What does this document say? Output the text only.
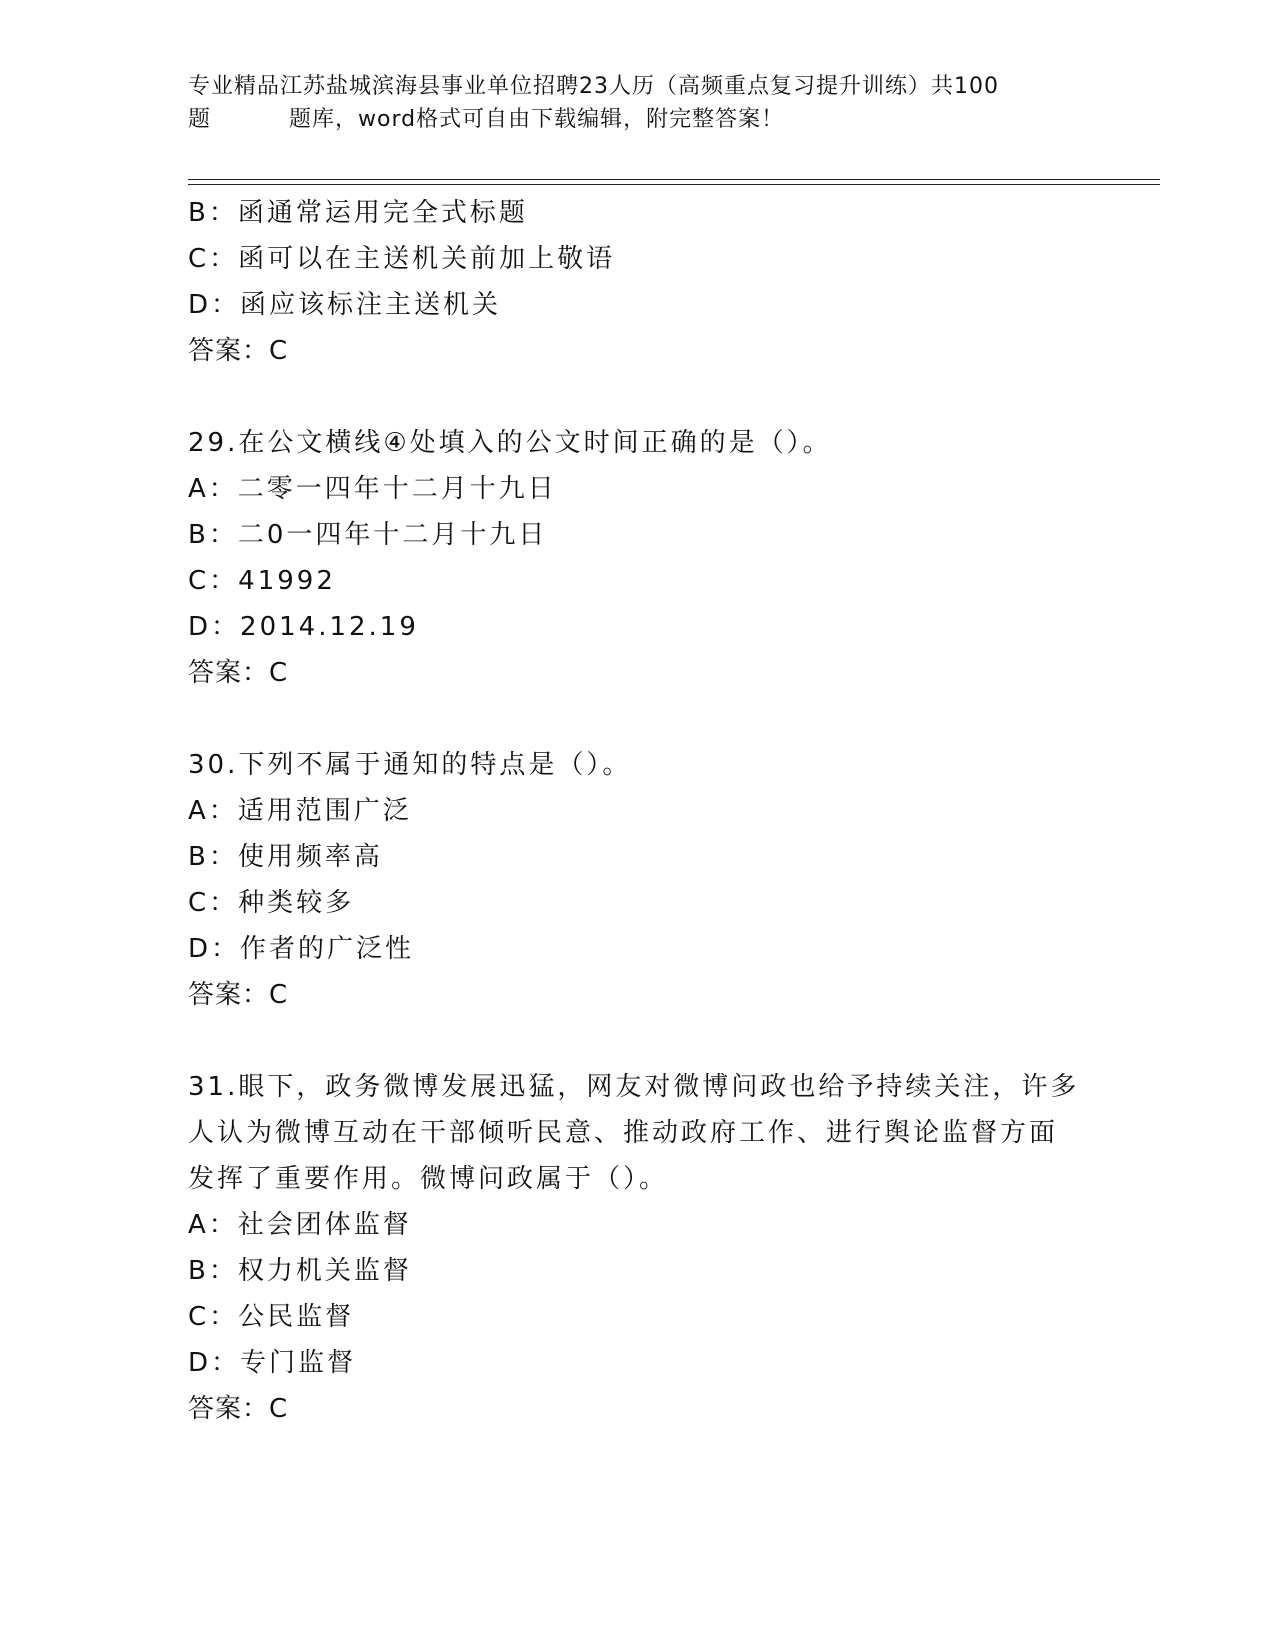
专业精品江苏盐城滨海县事业单位招聘23人历（高频重点复习提升训练）共100
题	题库，word格式可自由下载编辑，附完整答案！
B：函通常运用完全式标题
C：函可以在主送机关前加上敬语
D：函应该标注主送机关
答案：C
29.在公文横线④处填入的公文时间正确的是（）。
A：二零一四年十二月十九日
B：二0一四年十二月十九日
C：41992
D：2014.12.19
答案：C
30.下列不属于通知的特点是（）。
A：适用范围广泛
B：使用频率高
C：种类较多
D：作者的广泛性
答案：C
31.眼下，政务微博发展迅猛，网友对微博问政也给予持续关注，许多
人认为微博互动在干部倾听民意、推动政府工作、进行舆论监督方面
发挥了重要作用。微博问政属于（）。
A：社会团体监督
B：权力机关监督
C：公民监督
D：专门监督
答案：C
